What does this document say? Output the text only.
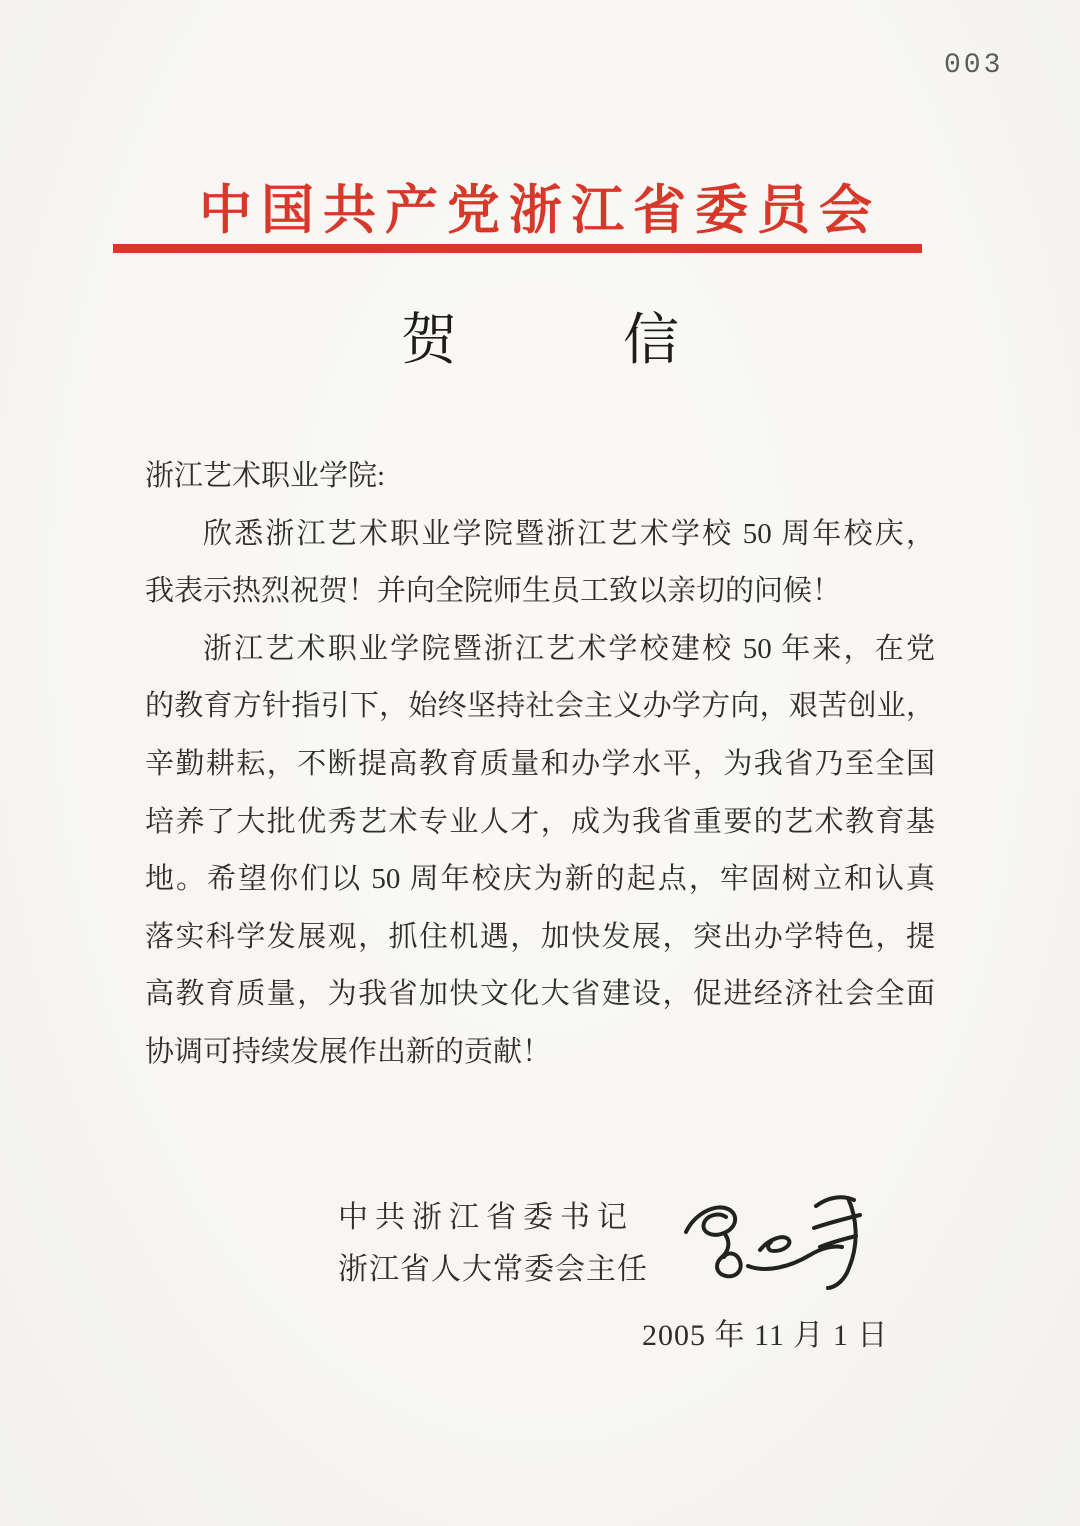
003
中国共产党浙江省委员会
贺	信
浙江艺术职业学院:
欣悉浙江艺术职业学院暨浙江艺术学校 50 周年校庆，
我表示热烈祝贺！并向全院师生员工致以亲切的问候！
浙江艺术职业学院暨浙江艺术学校建校 50 年来，在党
的教育方针指引下，始终坚持社会主义办学方向，艰苦创业，
辛勤耕耘，不断提高教育质量和办学水平，为我省乃至全国
培养了大批优秀艺术专业人才，成为我省重要的艺术教育基
地。希望你们以 50 周年校庆为新的起点，牢固树立和认真
落实科学发展观，抓住机遇，加快发展，突出办学特色，提
高教育质量，为我省加快文化大省建设，促进经济社会全面
协调可持续发展作出新的贡献！
中共浙江省委书记
浙江省人大常委会主任
2005 年 11 月 1 日
